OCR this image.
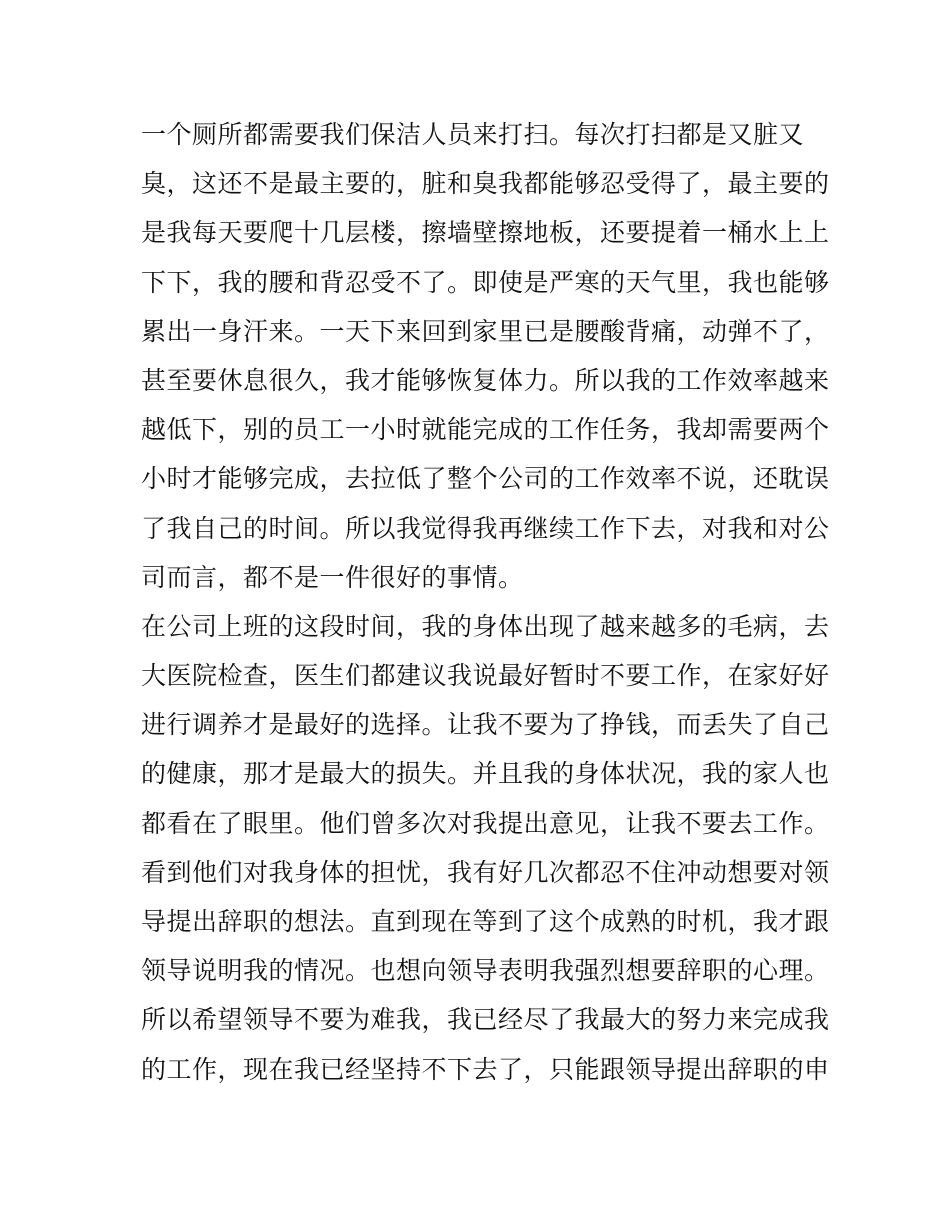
一个厕所都需要我们保洁人员来打扫。每次打扫都是又脏又
臭，这还不是最主要的，脏和臭我都能够忍受得了，最主要的
是我每天要爬十几层楼，擦墙壁擦地板，还要提着一桶水上上
下下，我的腰和背忍受不了。即使是严寒的天气里，我也能够
累出一身汗来。一天下来回到家里已是腰酸背痛，动弹不了，
甚至要休息很久，我才能够恢复体力。所以我的工作效率越来
越低下，别的员工一小时就能完成的工作任务，我却需要两个
小时才能够完成，去拉低了整个公司的工作效率不说，还耽误
了我自己的时间。所以我觉得我再继续工作下去，对我和对公
司而言，都不是一件很好的事情。
在公司上班的这段时间，我的身体出现了越来越多的毛病，去
大医院检查，医生们都建议我说最好暂时不要工作，在家好好
进行调养才是最好的选择。让我不要为了挣钱，而丢失了自己
的健康，那才是最大的损失。并且我的身体状况，我的家人也
都看在了眼里。他们曾多次对我提出意见，让我不要去工作。
看到他们对我身体的担忧，我有好几次都忍不住冲动想要对领
导提出辞职的想法。直到现在等到了这个成熟的时机，我才跟
领导说明我的情况。也想向领导表明我强烈想要辞职的心理。
所以希望领导不要为难我，我已经尽了我最大的努力来完成我
的工作，现在我已经坚持不下去了，只能跟领导提出辞职的申
